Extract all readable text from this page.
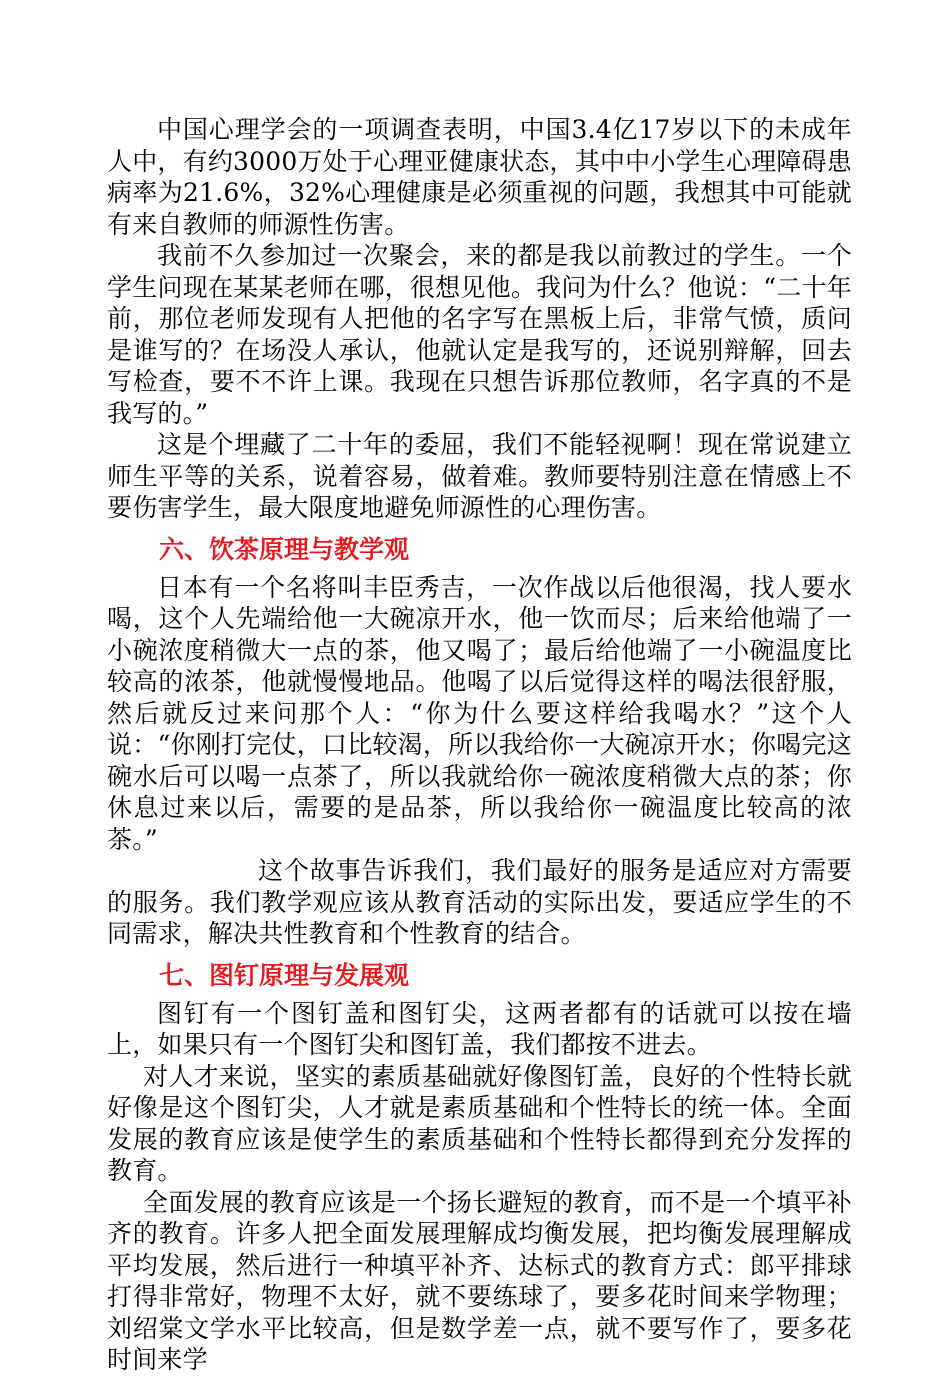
中国心理学会的一项调查表明，中国3.4亿17岁以下的未成年人中，有约3000万处于心理亚健康状态，其中中小学生心理障碍患病率为21.6%，32%心理健康是必须重视的问题，我想其中可能就有来自教师的师源性伤害。

我前不久参加过一次聚会，来的都是我以前教过的学生。一个学生问现在某某老师在哪，很想见他。我问为什么？他说：“二十年前，那位老师发现有人把他的名字写在黑板上后，非常气愤，质问是谁写的？在场没人承认，他就认定是我写的，还说别辩解，回去写检查，要不不许上课。我现在只想告诉那位教师，名字真的不是我写的。”

这是个埋藏了二十年的委屈，我们不能轻视啊！现在常说建立师生平等的关系，说着容易，做着难。教师要特别注意在情感上不要伤害学生，最大限度地避免师源性的心理伤害。

六、饮茶原理与教学观

日本有一个名将叫丰臣秀吉，一次作战以后他很渴，找人要水喝，这个人先端给他一大碗凉开水，他一饮而尽；后来给他端了一小碗浓度稍微大一点的茶，他又喝了；最后给他端了一小碗温度比较高的浓茶，他就慢慢地品。他喝了以后觉得这样的喝法很舒服，然后就反过来问那个人：“你为什么要这样给我喝水？”这个人说：“你刚打完仗，口比较渴，所以我给你一大碗凉开水；你喝完这碗水后可以喝一点茶了，所以我就给你一碗浓度稍微大点的茶；你休息过来以后，需要的是品茶，所以我给你一碗温度比较高的浓茶。”

这个故事告诉我们，我们最好的服务是适应对方需要的服务。我们教学观应该从教育活动的实际出发，要适应学生的不同需求，解决共性教育和个性教育的结合。

七、图钉原理与发展观

图钉有一个图钉盖和图钉尖，这两者都有的话就可以按在墙上，如果只有一个图钉尖和图钉盖，我们都按不进去。

对人才来说，坚实的素质基础就好像图钉盖，良好的个性特长就好像是这个图钉尖，人才就是素质基础和个性特长的统一体。全面发展的教育应该是使学生的素质基础和个性特长都得到充分发挥的教育。

全面发展的教育应该是一个扬长避短的教育，而不是一个填平补齐的教育。许多人把全面发展理解成均衡发展，把均衡发展理解成平均发展，然后进行一种填平补齐、达标式的教育方式：郎平排球打得非常好，物理不太好，就不要练球了，要多花时间来学物理；刘绍棠文学水平比较高，但是数学差一点，就不要写作了，要多花时间来学
